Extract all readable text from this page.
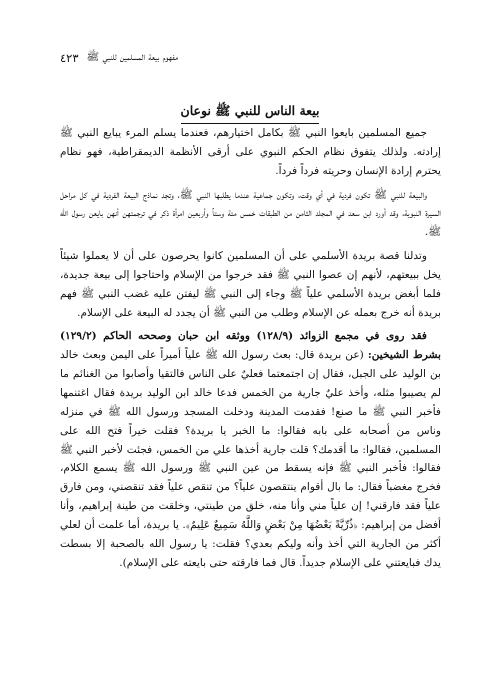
٤٢٣ مفهوم بيعة المسلمين للنبي ﷺ
بيعة الناس للنبي ﷺ نوعان

جميع المسلمين بايعوا النبي ﷺ بكامل اختيارهم، فعندما يسلم المرء يبايع النبي ﷺ إرادته. ولذلك يتفوق نظام الحكم النبوي على أرقى الأنظمة الديمقراطية، فهو نظام يحترم إرادة الإنسان وحريته فرداً فرداً.

والبيعة للنبي ﷺ تكون فردية في أي وقت، وتكون جماعية عندما يطلبها النبي ﷺ، وتجد نماذج البيعة الفردية في كل مراحل السيرة النبوية، وقد أورد ابن سعد في المجلد الثامن من الطبقات خمس مئة وستاً وأربعين امرأة ذكر في ترجمتهن أنهن بايعن رسول الله ﷺ.

وتدلنا قصة بريدة الأسلمي على أن المسلمين كانوا يحرصون على أن لا يعملوا شيئاً يخل ببيعتهم، لأنهم إن عصوا النبي ﷺ فقد خرجوا من الإسلام واحتاجوا إلى بيعة جديدة، فلما أبغض بريدة الأسلمي علياً ﷺ وجاء إلى النبي ﷺ ليفتن عليه غضب النبي ﷺ فهم بريدة أنه خرج بعمله عن الإسلام وطلب من النبي ﷺ أن يجدد له البيعة على الإسلام.

فقد روى في مجمع الزوائد (١٢٨/٩) ووثقه ابن حبان وصححه الحاكم (١٢٩/٢) بشرط الشيخين: (عن بريدة قال: بعث رسول الله ﷺ علياً أميراً على اليمن وبعث خالد بن الوليد على الجبل، فقال إن اجتمعتما فعليٌ على الناس فالتقيا وأصابوا من الغنائم ما لم يصيبوا مثله، وأخذ عليٌ جارية من الخمس فدعا خالد ابن الوليد بريدة فقال اغتنمها فأخبر النبي ﷺ ما صنع! فقدمت المدينة ودخلت المسجد ورسول الله ﷺ في منزله وناس من أصحابه على بابه فقالوا: ما الخبر يا بريدة؟ فقلت خيراً فتح الله على المسلمين، فقالوا: ما أقدمك؟ قلت جارية أخذها علي من الخمس، فجئت لأخبر النبي ﷺ فقالوا: فأخبر النبي ﷺ فإنه يسقط من عين النبي ﷺ ورسول الله ﷺ يسمع الكلام، فخرج مغضباً فقال: ما بال أقوام ينتقصون علياً؟ من تنقص علياً فقد تنقصني، ومن فارق علياً فقد فارقني! إن علياً مني وأنا منه، خلق من طينتي، وخلقت من طينة إبراهيم، وأنا أفضل من إبراهيم: ﴿ذُرِّيَّةً بَعْضُهَا مِنْ بَعْضٍ وَاللَّهُ سَمِيعٌ عَلِيمٌ﴾. يا بريدة، أما علمت أن لعلي أكثر من الجارية التي أخذ وأنه وليكم بعدي؟ فقلت: يا رسول الله بالصحبة إلا بسطت يدك فبايعتني على الإسلام جديداً. قال فما فارقته حتى بايعته على الإسلام).
